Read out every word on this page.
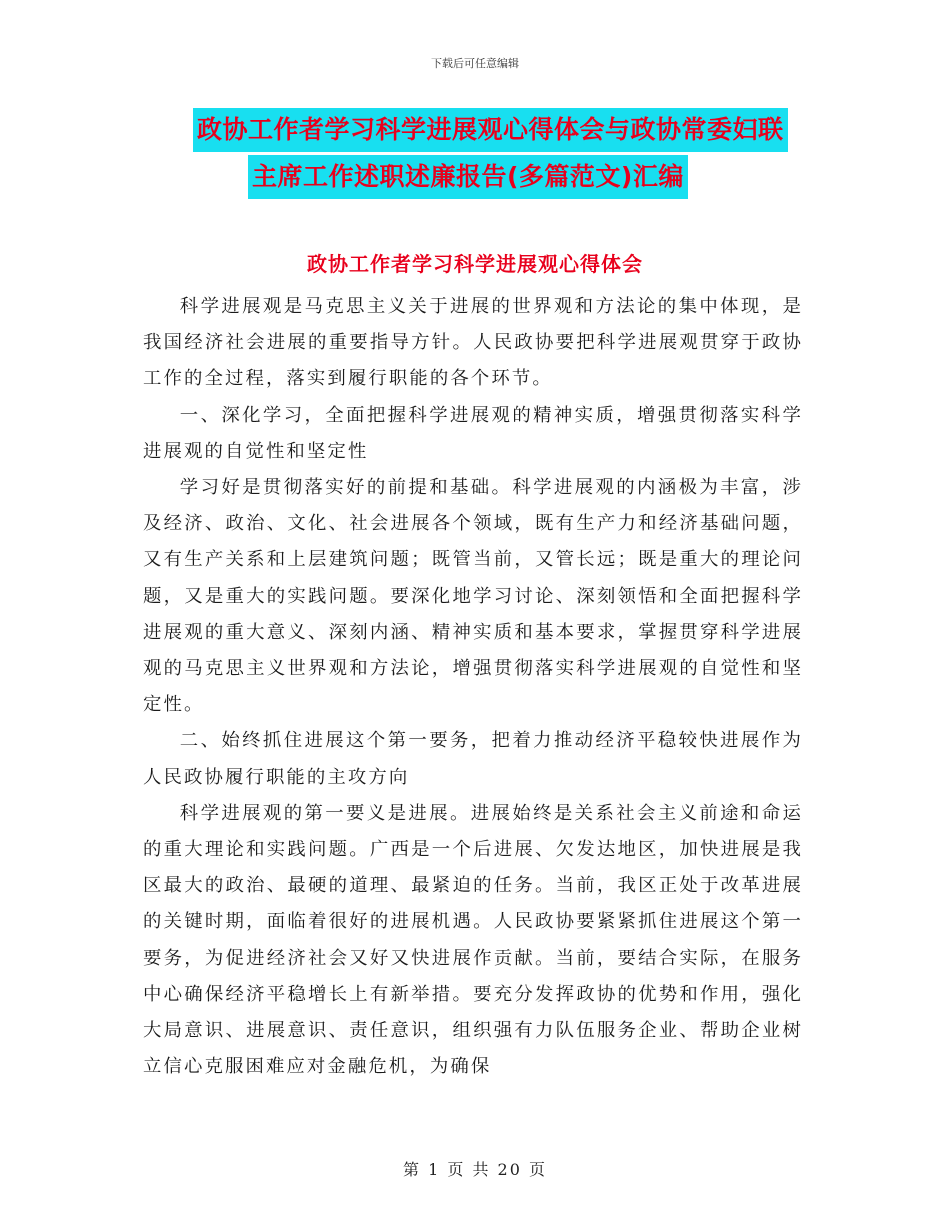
下载后可任意编辑
政协工作者学习科学进展观心得体会与政协常委妇联
主席工作述职述廉报告(多篇范文)汇编
政协工作者学习科学进展观心得体会

科学进展观是马克思主义关于进展的世界观和方法论的集中体现，是我国经济社会进展的重要指导方针。人民政协要把科学进展观贯穿于政协工作的全过程，落实到履行职能的各个环节。

一、深化学习，全面把握科学进展观的精神实质，增强贯彻落实科学进展观的自觉性和坚定性

学习好是贯彻落实好的前提和基础。科学进展观的内涵极为丰富，涉及经济、政治、文化、社会进展各个领域，既有生产力和经济基础问题，又有生产关系和上层建筑问题；既管当前，又管长远；既是重大的理论问题，又是重大的实践问题。要深化地学习讨论、深刻领悟和全面把握科学进展观的重大意义、深刻内涵、精神实质和基本要求，掌握贯穿科学进展观的马克思主义世界观和方法论，增强贯彻落实科学进展观的自觉性和坚定性。

二、始终抓住进展这个第一要务，把着力推动经济平稳较快进展作为人民政协履行职能的主攻方向

科学进展观的第一要义是进展。进展始终是关系社会主义前途和命运的重大理论和实践问题。广西是一个后进展、欠发达地区，加快进展是我区最大的政治、最硬的道理、最紧迫的任务。当前，我区正处于改革进展的关键时期，面临着很好的进展机遇。人民政协要紧紧抓住进展这个第一要务，为促进经济社会又好又快进展作贡献。当前，要结合实际，在服务中心确保经济平稳增长上有新举措。要充分发挥政协的优势和作用，强化大局意识、进展意识、责任意识，组织强有力队伍服务企业、帮助企业树立信心克服困难应对金融危机，为确保

第 1 页 共 20 页
